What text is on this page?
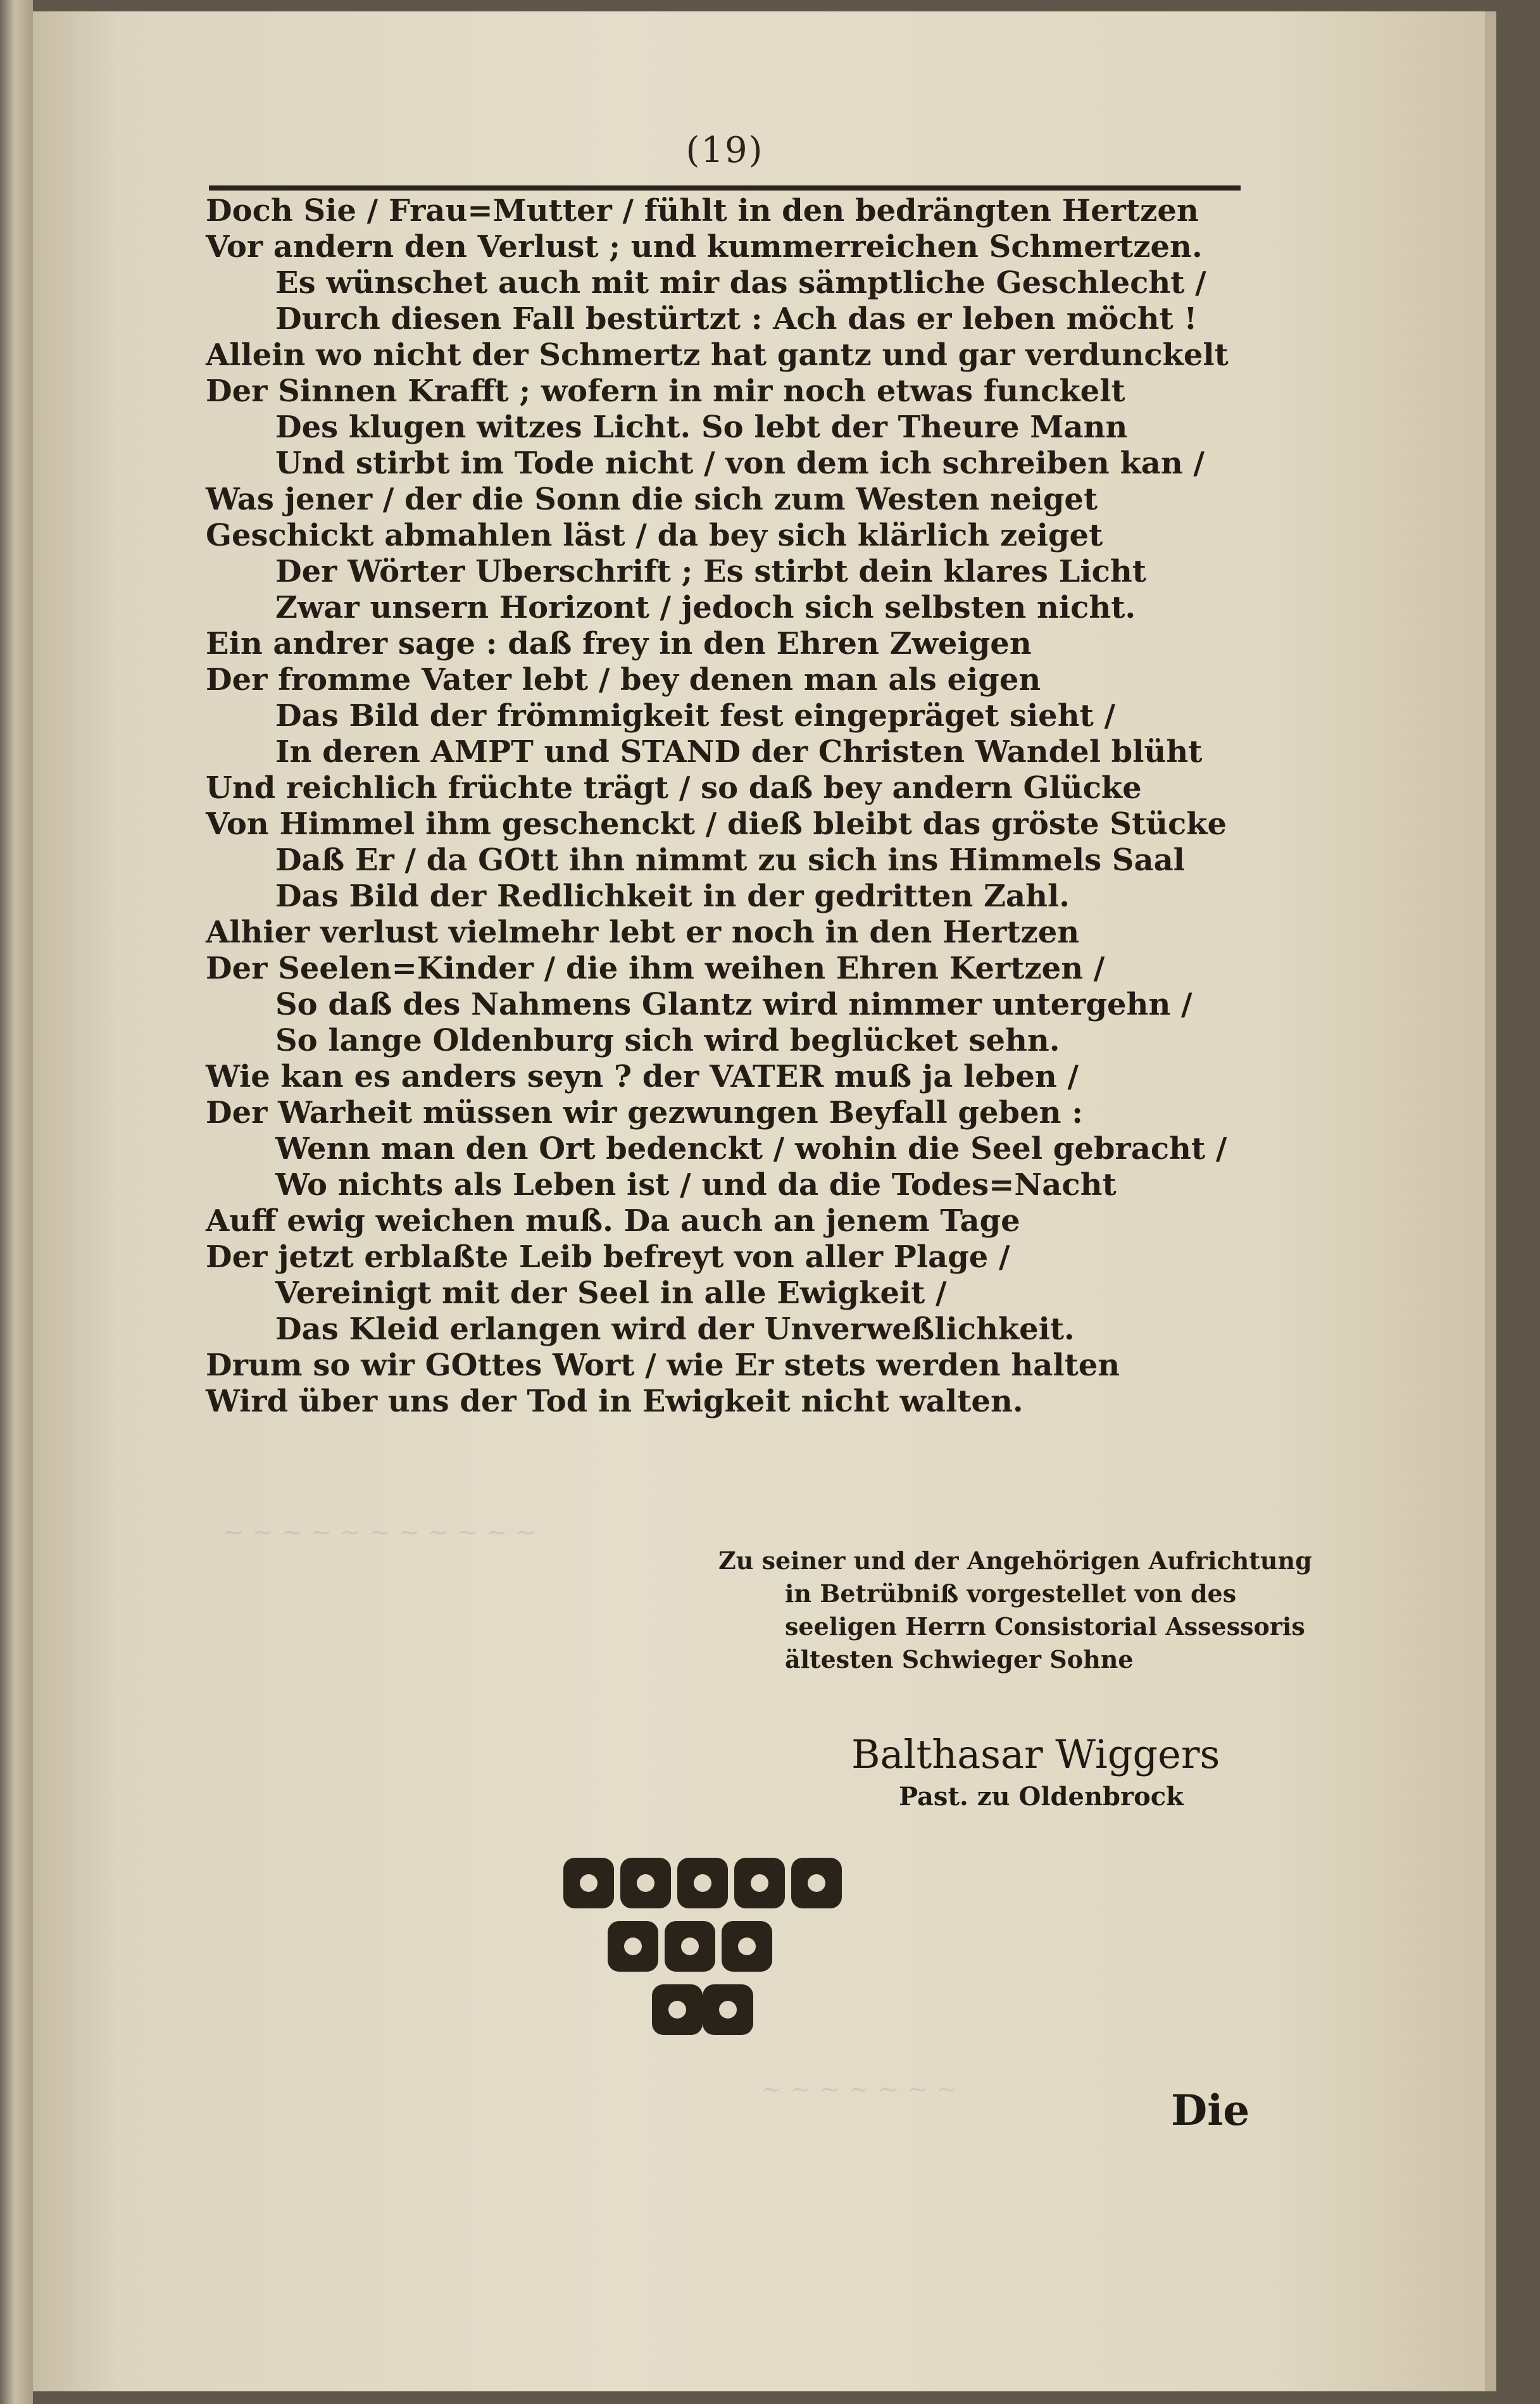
~ ~ ~ ~ ~ ~ ~ ~ ~ ~ ~
~ ~ ~ ~ ~ ~ ~
(19)
Doch Sie / Frau=Mutter / fühlt in den bedrängten Hertzen
Vor andern den Verlust ; und kummerreichen Schmertzen.
Es wünschet auch mit mir das sämptliche Geschlecht /
Durch diesen Fall bestürtzt : Ach das er leben möcht !
Allein wo nicht der Schmertz hat gantz und gar verdunckelt
Der Sinnen Krafft ; wofern in mir noch etwas funckelt
Des klugen witzes Licht. So lebt der Theure Mann
Und stirbt im Tode nicht / von dem ich schreiben kan /
Was jener / der die Sonn die sich zum Westen neiget
Geschickt abmahlen läst / da bey sich klärlich zeiget
Der Wörter Uberschrift ; Es stirbt dein klares Licht
Zwar unsern Horizont / jedoch sich selbsten nicht.
Ein andrer sage : daß frey in den Ehren Zweigen
Der fromme Vater lebt / bey denen man als eigen
Das Bild der frömmigkeit fest eingepräget sieht /
In deren AMPT und STAND der Christen Wandel blüht
Und reichlich früchte trägt / so daß bey andern Glücke
Von Himmel ihm geschenckt / dieß bleibt das gröste Stücke
Daß Er / da GOtt ihn nimmt zu sich ins Himmels Saal
Das Bild der Redlichkeit in der gedritten Zahl.
Alhier verlust vielmehr lebt er noch in den Hertzen
Der Seelen=Kinder / die ihm weihen Ehren Kertzen /
So daß des Nahmens Glantz wird nimmer untergehn /
So lange Oldenburg sich wird beglücket sehn.
Wie kan es anders seyn ? der VATER muß ja leben /
Der Warheit müssen wir gezwungen Beyfall geben :
Wenn man den Ort bedenckt / wohin die Seel gebracht /
Wo nichts als Leben ist / und da die Todes=Nacht
Auff ewig weichen muß. Da auch an jenem Tage
Der jetzt erblaßte Leib befreyt von aller Plage /
Vereinigt mit der Seel in alle Ewigkeit /
Das Kleid erlangen wird der Unverweßlichkeit.
Drum so wir GOttes Wort / wie Er stets werden halten
Wird über uns der Tod in Ewigkeit nicht walten.
Zu seiner und der Angehörigen Aufrichtung
in Betrübniß vorgestellet von des
seeligen Herrn Consistorial Assessoris
ältesten Schwieger Sohne
Balthasar Wiggers
Past. zu Oldenbrock
Die
